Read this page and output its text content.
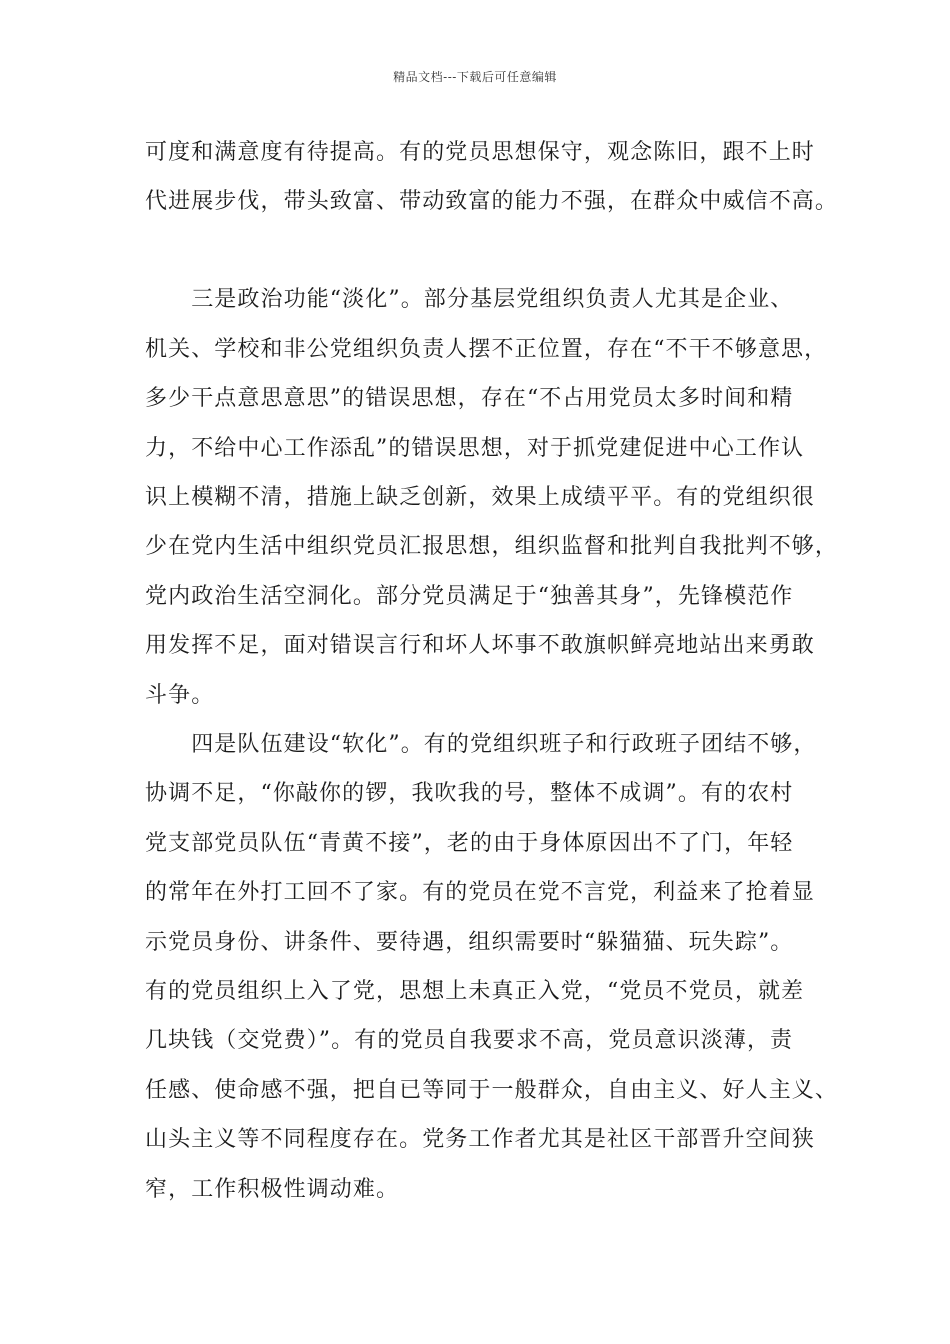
精品文档---下载后可任意编辑
可度和满意度有待提高。有的党员思想保守，观念陈旧，跟不上时
代进展步伐，带头致富、带动致富的能力不强，在群众中威信不高。
　　三是政治功能“淡化”。部分基层党组织负责人尤其是企业、
机关、学校和非公党组织负责人摆不正位置，存在“不干不够意思，
多少干点意思意思”的错误思想，存在“不占用党员太多时间和精
力，不给中心工作添乱”的错误思想，对于抓党建促进中心工作认
识上模糊不清，措施上缺乏创新，效果上成绩平平。有的党组织很
少在党内生活中组织党员汇报思想，组织监督和批判自我批判不够，
党内政治生活空洞化。部分党员满足于“独善其身”，先锋模范作
用发挥不足，面对错误言行和坏人坏事不敢旗帜鲜亮地站出来勇敢
斗争。
　　四是队伍建设“软化”。有的党组织班子和行政班子团结不够，
协调不足，“你敲你的锣，我吹我的号，整体不成调”。有的农村
党支部党员队伍“青黄不接”，老的由于身体原因出不了门，年轻
的常年在外打工回不了家。有的党员在党不言党，利益来了抢着显
示党员身份、讲条件、要待遇，组织需要时“躲猫猫、玩失踪”。
有的党员组织上入了党，思想上未真正入党，“党员不党员，就差
几块钱（交党费）”。有的党员自我要求不高，党员意识淡薄，责
任感、使命感不强，把自已等同于一般群众，自由主义、好人主义、
山头主义等不同程度存在。党务工作者尤其是社区干部晋升空间狭
窄，工作积极性调动难。
